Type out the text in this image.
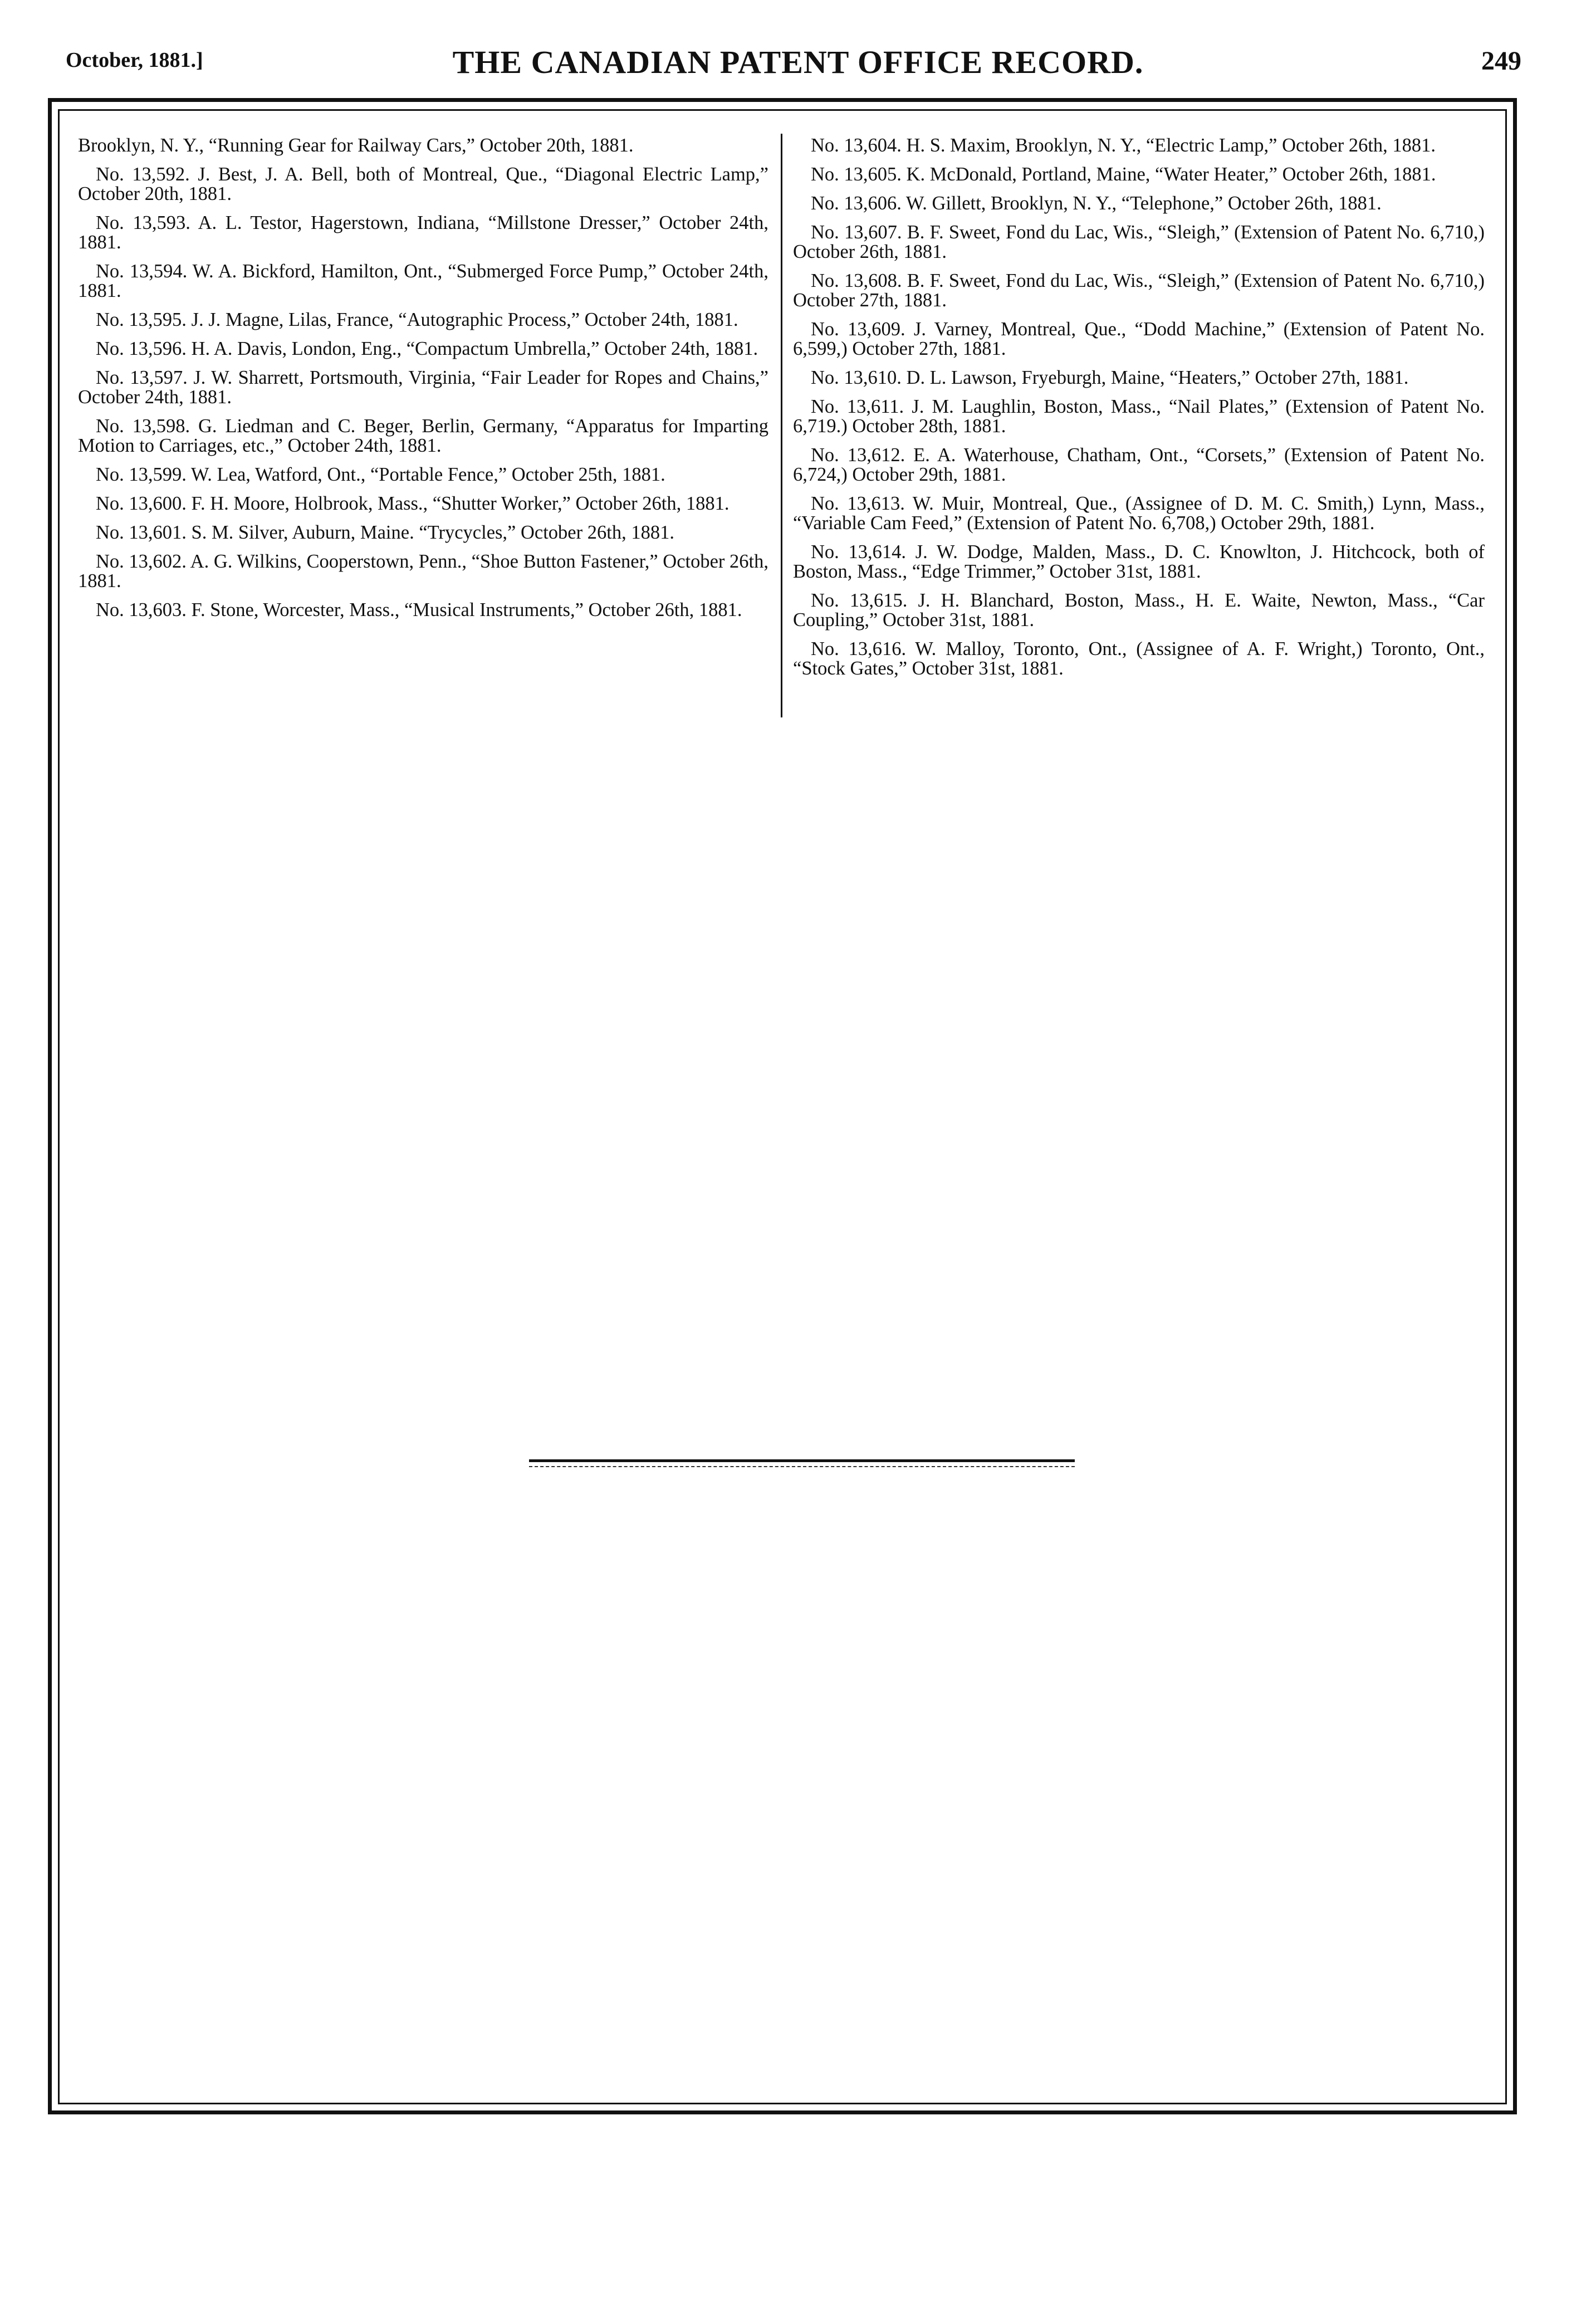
October, 1881.]	THE CANADIAN PATENT OFFICE RECORD.	249

Brooklyn, N. Y., “Running Gear for Railway Cars,” October 20th, 1881.

No. 13,592. J. Best, J. A. Bell, both of Montreal, Que., “Diagonal Electric Lamp,” October 20th, 1881.

No. 13,593. A. L. Testor, Hagerstown, Indiana, “Millstone Dresser,” October 24th, 1881.

No. 13,594. W. A. Bickford, Hamilton, Ont., “Submerged Force Pump,” October 24th, 1881.

No. 13,595. J. J. Magne, Lilas, France, “Autographic Process,” October 24th, 1881.

No. 13,596. H. A. Davis, London, Eng., “Compactum Umbrella,” October 24th, 1881.

No. 13,597. J. W. Sharrett, Portsmouth, Virginia, “Fair Leader for Ropes and Chains,” October 24th, 1881.

No. 13,598. G. Liedman and C. Beger, Berlin, Germany, “Apparatus for Imparting Motion to Carriages, etc.,” October 24th, 1881.

No. 13,599. W. Lea, Watford, Ont., “Portable Fence,” October 25th, 1881.

No. 13,600. F. H. Moore, Holbrook, Mass., “Shutter Worker,” October 26th, 1881.

No. 13,601. S. M. Silver, Auburn, Maine. “Trycycles,” October 26th, 1881.

No. 13,602. A. G. Wilkins, Cooperstown, Penn., “Shoe Button Fastener,” October 26th, 1881.

No. 13,603. F. Stone, Worcester, Mass., “Musical Instruments,” October 26th, 1881.

No. 13,604. H. S. Maxim, Brooklyn, N. Y., “Electric Lamp,” October 26th, 1881.

No. 13,605. K. McDonald, Portland, Maine, “Water Heater,” October 26th, 1881.

No. 13,606. W. Gillett, Brooklyn, N. Y., “Telephone,” October 26th, 1881.

No. 13,607. B. F. Sweet, Fond du Lac, Wis., “Sleigh,” (Extension of Patent No. 6,710,) October 26th, 1881.

No. 13,608. B. F. Sweet, Fond du Lac, Wis., “Sleigh,” (Extension of Patent No. 6,710,) October 27th, 1881.

No. 13,609. J. Varney, Montreal, Que., “Dodd Machine,” (Extension of Patent No. 6,599,) October 27th, 1881.

No. 13,610. D. L. Lawson, Fryeburgh, Maine, “Heaters,” October 27th, 1881.

No. 13,611. J. M. Laughlin, Boston, Mass., “Nail Plates,” (Extension of Patent No. 6,719.) October 28th, 1881.

No. 13,612. E. A. Waterhouse, Chatham, Ont., “Corsets,” (Extension of Patent No. 6,724,) October 29th, 1881.

No. 13,613. W. Muir, Montreal, Que., (Assignee of D. M. C. Smith,) Lynn, Mass., “Variable Cam Feed,” (Extension of Patent No. 6,708,) October 29th, 1881.

No. 13,614. J. W. Dodge, Malden, Mass., D. C. Knowlton, J. Hitchcock, both of Boston, Mass., “Edge Trimmer,” October 31st, 1881.

No. 13,615. J. H. Blanchard, Boston, Mass., H. E. Waite, Newton, Mass., “Car Coupling,” October 31st, 1881.

No. 13,616. W. Malloy, Toronto, Ont., (Assignee of A. F. Wright,) Toronto, Ont., “Stock Gates,” October 31st, 1881.
